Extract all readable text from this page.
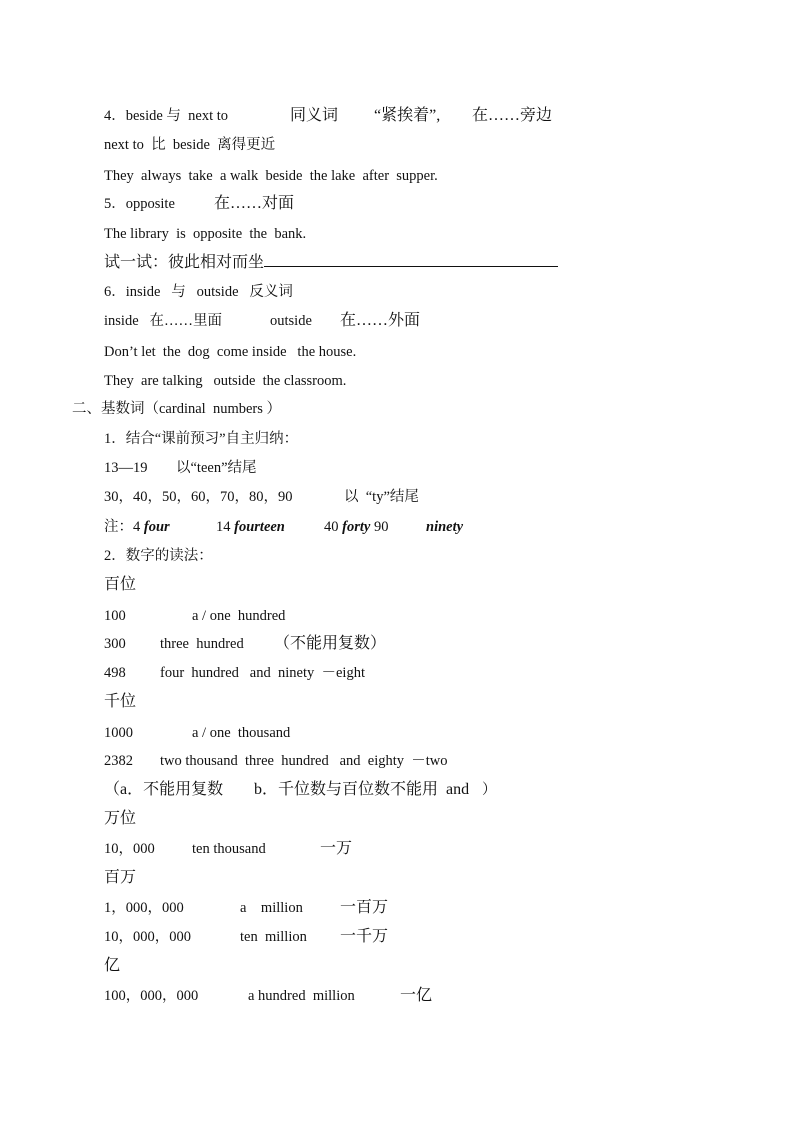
4．beside 与  next to	同义词 “紧挨着”, 在……旁边
next to  比  beside  离得更近
They  always  take  a walk  beside  the lake  after  supper.
5．opposite 在……对面
The library  is  opposite  the  bank.
试一试：彼此相对而坐
6．inside   与   outside   反义词
inside   在……里面	outside 在……外面
Don’t let  the  dog  come inside   the house.
They  are talking   outside  the classroom.
二、基数词（cardinal  numbers ）
1．结合“课前预习”自主归纳：
13—19 以“teen”结尾
30，40，50，60，70，80，90	以  “ty”结尾
注：4 four	14 fourteen	40 forty 90	ninety
2．数字的读法：
百位
100	a / one  hundred
300 three  hundred （不能用复数）
498 four  hundred   and  ninety  －eight
千位
1000	a / one  thousand
2382 two thousand  three  hundred   and  eighty  －two
（a．不能用复数 b．千位数与百位数不能用  and ）
万位
10，000	ten thousand	一万
百万
1，000，000	a    million 一百万
10，000，000	ten  million 一千万
亿
100，000，000	a hundred  million	一亿
